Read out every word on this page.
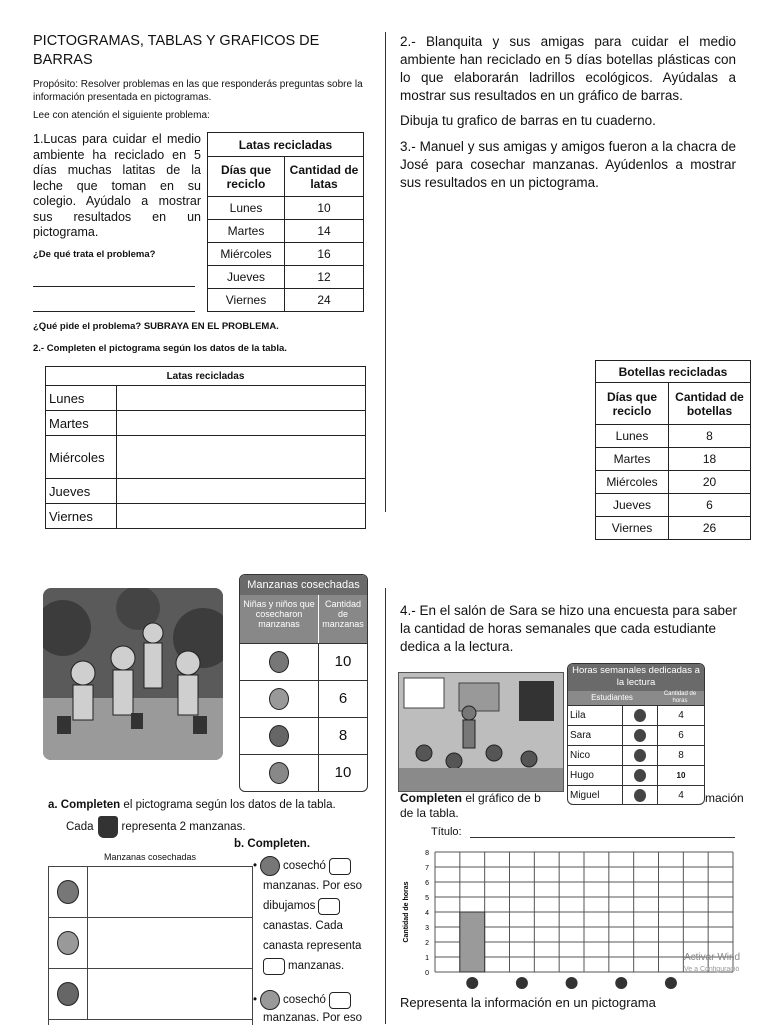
PICTOGRAMAS, TABLAS Y GRAFICOS DE BARRAS
Propósito: Resolver problemas en las que responderás preguntas sobre la información presentada en pictogramas.
Lee con atención el siguiente problema:
1.Lucas para cuidar el medio ambiente ha reciclado en 5 días muchas latitas de la leche que toman en su colegio. Ayúdalo a mostrar sus resultados en un pictograma.
¿De qué trata el problema?
Latas recicladas	
Días que reciclo	Cantidad de latas
Lunes	10
Martes	14
Miércoles	16
Jueves	12
Viernes	24
¿Qué pide el problema? SUBRAYA EN EL PROBLEMA.
2.- Completen el pictograma según los datos de la tabla.
Latas recicladas	
Lunes	
Martes	
Miércoles	
Jueves	
Viernes	
2.- Blanquita y sus amigas para cuidar el medio ambiente han reciclado en 5 días botellas plásticas con lo que elaborarán ladrillos ecológicos. Ayúdalas a mostrar sus resultados en un gráfico de barras.
Dibuja tu grafico de barras en tu cuaderno.
3.- Manuel y sus amigas y amigos fueron a la chacra de José para cosechar manzanas. Ayúdenlos a mostrar sus resultados en un pictograma.
Botellas recicladas	
Días que reciclo	Cantidad de botellas
Lunes	8
Martes	18
Miércoles	20
Jueves	6
Viernes	26
Manzanas cosechadas
Niñas y niños que cosecharon manzanas
Cantidad de manzanas
10
6
8
10
a. Completen el pictograma según los datos de la tabla.
Cada representa 2 manzanas.
b. Completen.
Manzanas cosechadas
• cosechó
manzanas. Por eso
dibujamos
canastas. Cada
canasta representa
manzanas.
• cosechó
manzanas. Por eso
4.- En el salón de Sara se hizo una encuesta para saber la cantidad de horas semanales que cada estudiante dedica a la lectura.
Horas semanales dedicadas a la lectura
Estudiantes	Cantidad de horas
Lila	4
Sara	6
Nico	8
Hugo	10
Miguel	4
Completen el gráfico de b	mación
de la tabla.
Título:
0
1
2
3
4
5
6
7
8
Cantidad de horas
Representa la información en un pictograma
Activar Wind
Ve a Configuració
